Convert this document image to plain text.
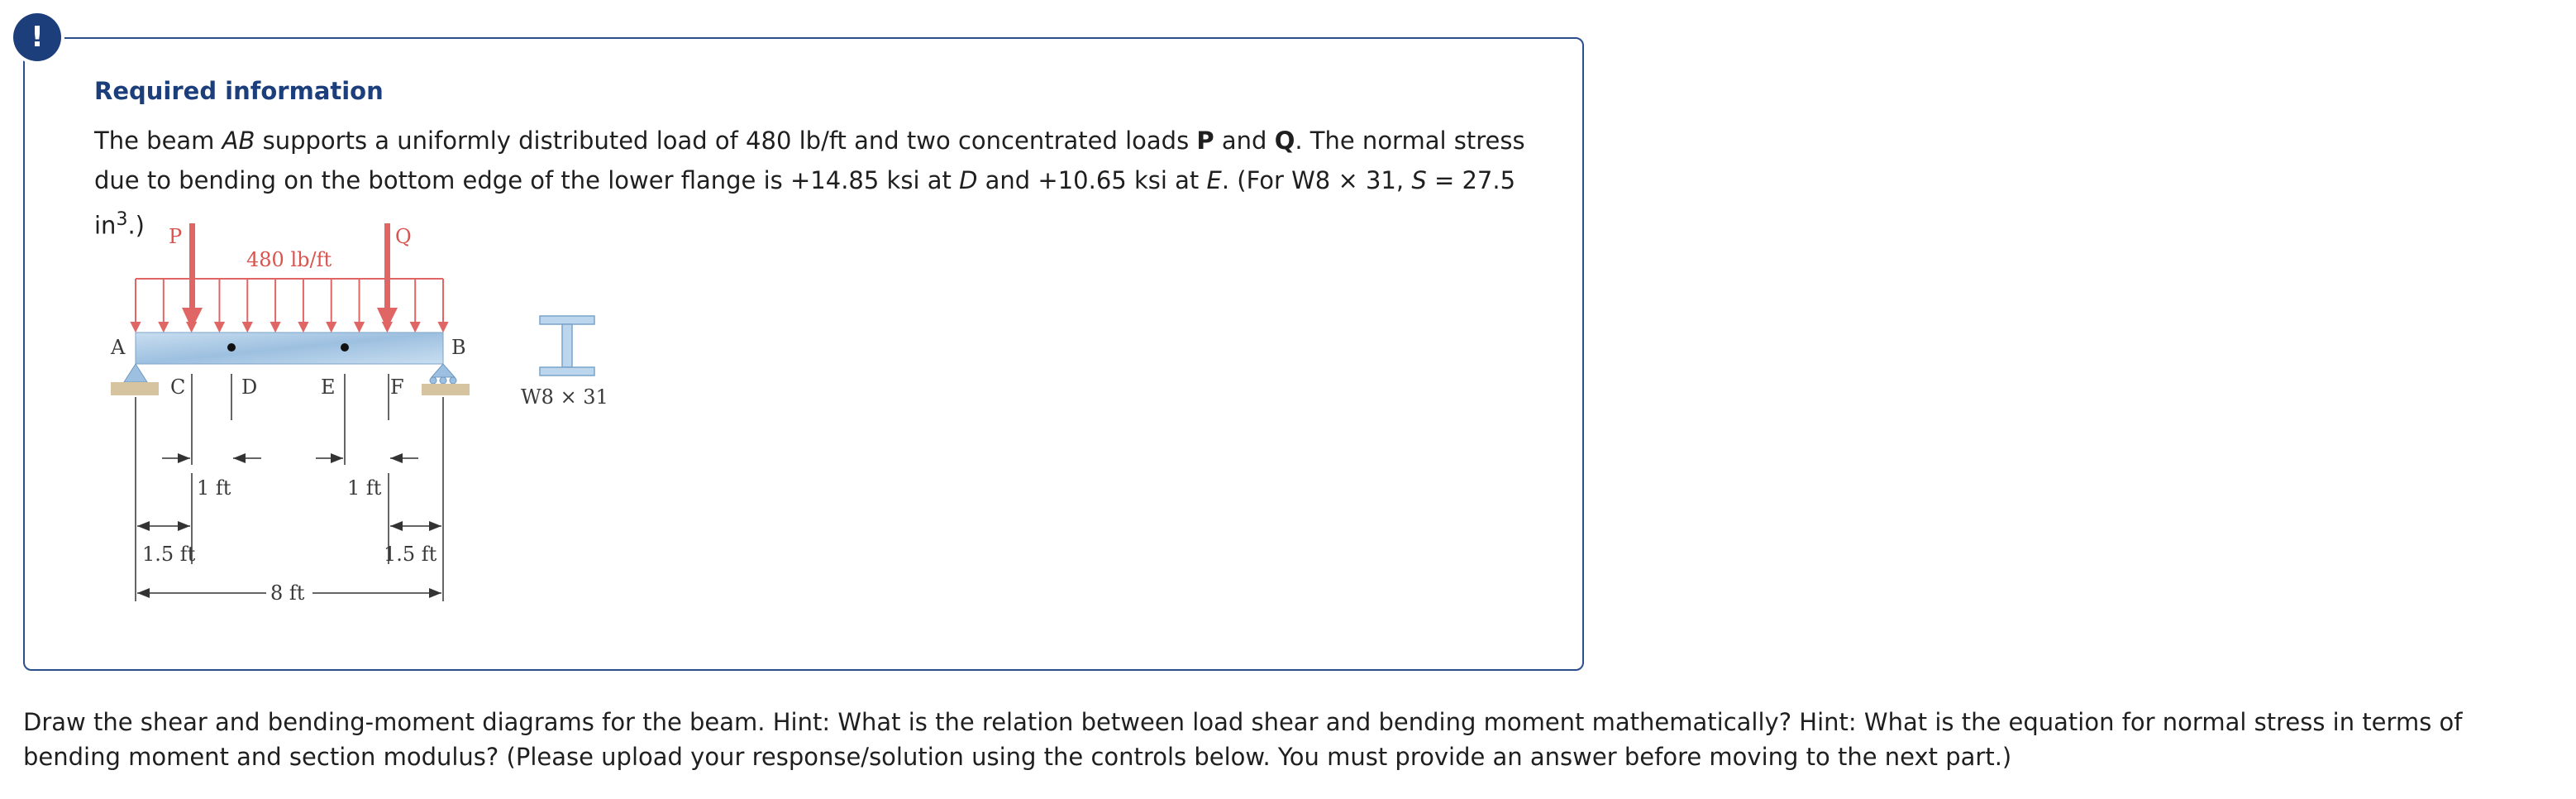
!
Required information
The beam AB supports a uniformly distributed load of 480 lb/ft and two concentrated loads P and Q. The normal stress due to bending on the bottom edge of the lower flange is +14.85 ksi at D and +10.65 ksi at E. (For W8 × 31, S = 27.5 $in^3$.)
480 lb/ft
P	Q
A	B
C	D	E	F
1 ft	1 ft
1.5 ft	1.5 ft
8 ft
W8 × 31
Draw the shear and bending-moment diagrams for the beam. Hint: What is the relation between load shear and bending moment mathematically? Hint: What is the equation for normal stress in terms of bending moment and section modulus? (Please upload your response/solution using the controls below. You must provide an answer before moving to the next part.)
